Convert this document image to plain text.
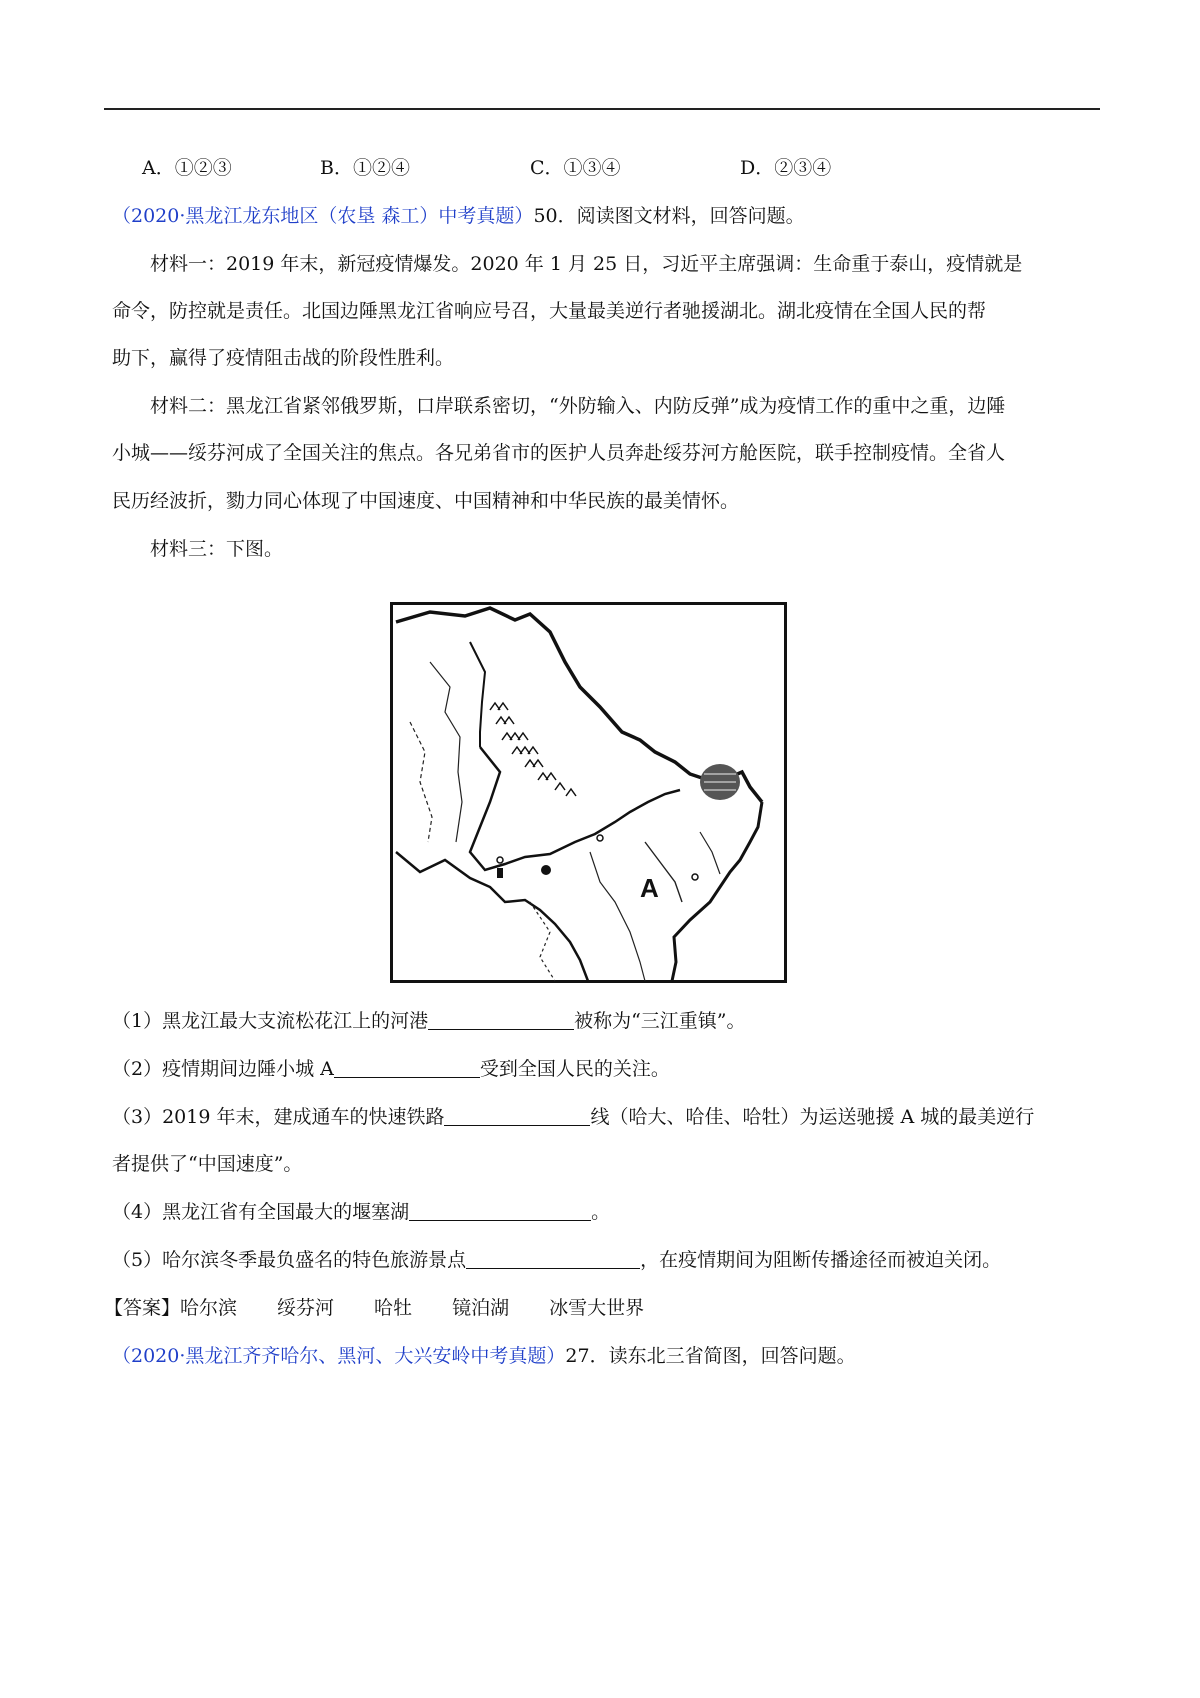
A．①②③	B．①②④	C．①③④	D．②③④
（2020·黑龙江龙东地区（农垦 森工）中考真题）50．阅读图文材料，回答问题。
材料一：2019 年末，新冠疫情爆发。2020 年 1 月 25 日，习近平主席强调：生命重于泰山，疫情就是
命令，防控就是责任。北国边陲黑龙江省响应号召，大量最美逆行者驰援湖北。湖北疫情在全国人民的帮
助下，赢得了疫情阻击战的阶段性胜利。
材料二：黑龙江省紧邻俄罗斯，口岸联系密切，“外防输入、内防反弹”成为疫情工作的重中之重，边陲
小城——绥芬河成了全国关注的焦点。各兄弟省市的医护人员奔赴绥芬河方舱医院，联手控制疫情。全省人
民历经波折，勠力同心体现了中国速度、中国精神和中华民族的最美情怀。
材料三：下图。
A
（1）黑龙江最大支流松花江上的河港	被称为“三江重镇”。
（2）疫情期间边陲小城 A	受到全国人民的关注。
（3）2019 年末，建成通车的快速铁路	线（哈大、哈佳、哈牡）为运送驰援 A 城的最美逆行
者提供了“中国速度”。
（4）黑龙江省有全国最大的堰塞湖	。
（5）哈尔滨冬季最负盛名的特色旅游景点	，在疫情期间为阻断传播途径而被迫关闭。
【答案】哈尔滨 绥芬河 哈牡 镜泊湖 冰雪大世界
（2020·黑龙江齐齐哈尔、黑河、大兴安岭中考真题）27．读东北三省简图，回答问题。
